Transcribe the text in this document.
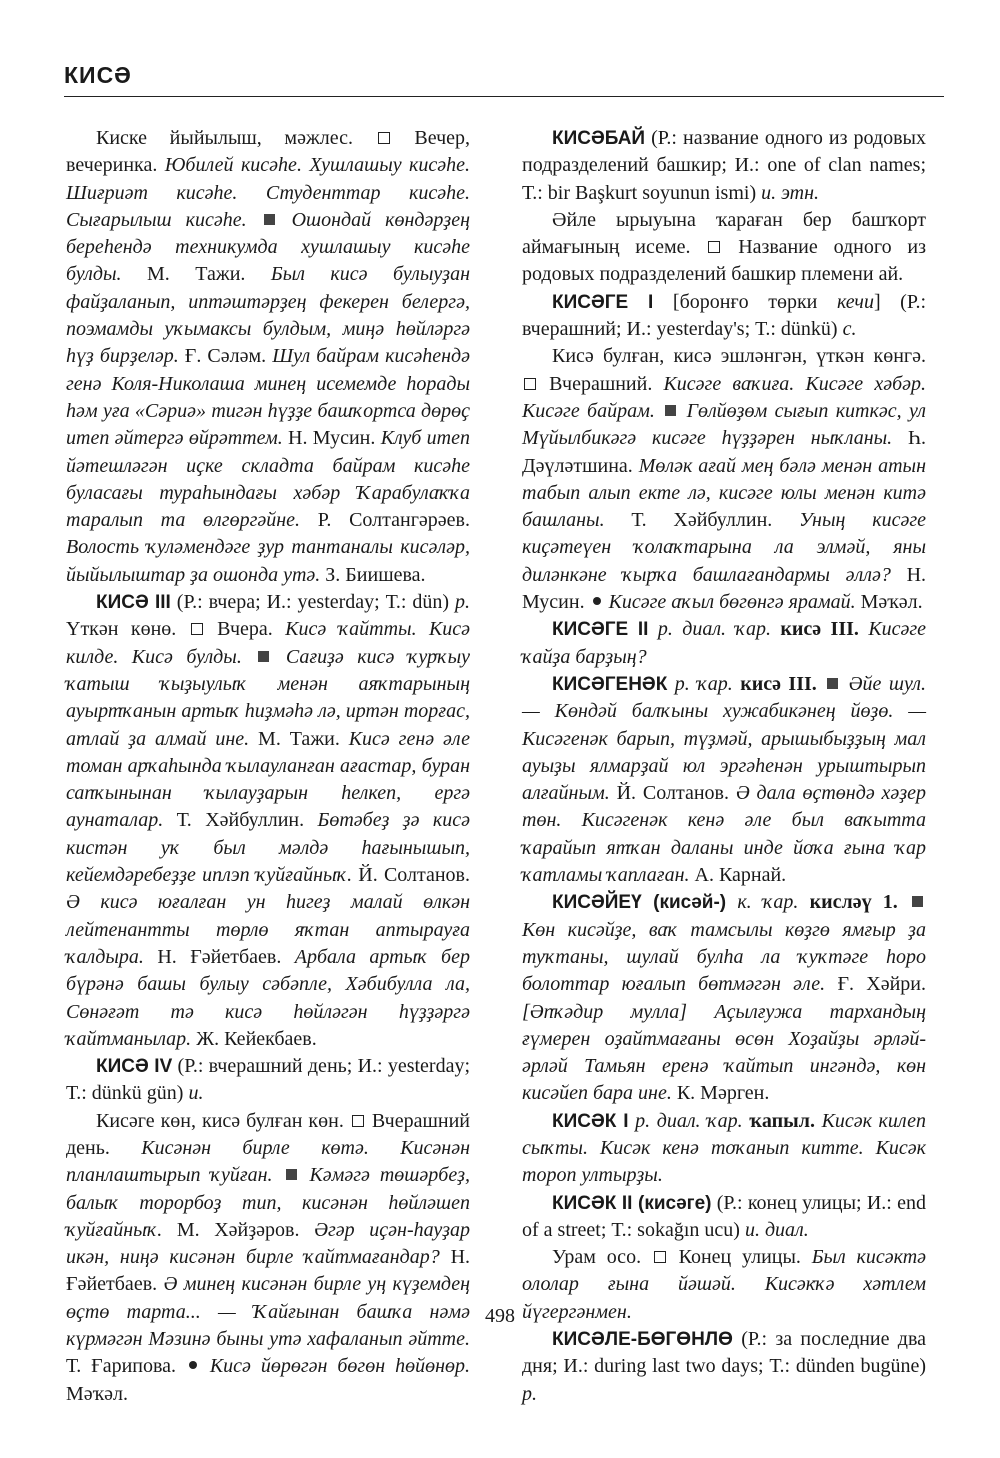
КИСӘ

Киске йыйылыш, мәжлес.	Вечер, вечеринка. Юбилей кисәһе. Хушлашыу кисәһе. Шиғриәт кисәһе. Студенттар кисәһе. Сығарылыш кисәһе. Ошондай көндәрҙең береһендә техникумда хушлашыу кисәһе булды. М. Тажи. Был кисә булыуҙан файҙаланып, иптәштәрҙең фекерен белергә, поэмамды уҡымаксы булдым, миңә һөйләргә һүҙ бирҙеләр. Ғ. Сәләм. Шул байрам кисәһендә генә Коля-Николаша минең исемемде һорады һәм уға «Сәриә» тигән һүҙҙе башҡортса дөрөҫ итеп әйтергә өйрәттем. Н. Мусин. Клуб итеп йәтешләгән иҫке складта байрам кисәһе буласағы тураһындағы хәбәр Ҡарабулаҡҡа таралып та өлгөргәйне. Р. Солтангәрәев. Волость ҡуләмендәге ҙур тантаналы кисәләр, йыйылыштар ҙа ошонда утә. З. Биишева.

КИСӘ III (Р.: вчера; И.: yesterday; Т.: dün) р. Үткән көнө. Вчера. Кисә ҡайтты. Кисә килде. Кисә булды. Сағиҙә кисә ҡурҡыу ҡатыш ҡыҙыулыҡ менән аяҡтарының ауыртҡанын артыҡ һиҙмәһә лә, иртән торғас, атлай ҙа алмай ине. М. Тажи. Кисә генә әле томан арҡаһында ҡылауланған ағастар, буран сапҡынынан ҡылауҙарын һелкеп, ергә аунаталар. Т. Хәйбуллин. Бөтәбеҙ ҙә кисә кистән уҡ был мәлдә һағынышып, кейемдәребеҙҙе иплэп ҡуйғайныҡ. Й. Солтанов. Ә кисә юғалған ун һигеҙ малай өлкән лейтенантты төрлө яҡтан аптырауға ҡалдыра. Н. Ғәйетбаев. Арбала артыҡ бер бүрәнә башы булыу сәбәпле, Хәбибулла ла, Сөнәғәт тә кисә һөйләгән һүҙҙәргә ҡайтманылар. Ж. Кейекбаев.

КИСӘ IV (Р.: вчерашний день; И.: yesterday; Т.: dünkü gün) и.

Кисәге көн, кисә булған көн. Вчерашний день. Кисәнән бирле көтә. Кисәнән планлаштырып ҡуйған. Кәмәгә төшәрбеҙ, балыҡ торорбоҙ тип, кисәнән һөйләшеп ҡуйғайныҡ. М. Хәйҙәров. Әгәр иҫән-һауҙар икән, ниңә кисәнән бирле ҡайтмағандар? Н. Ғәйетбаев. Ә минең кисәнән бирле уң күҙемдең өҫтө тарта... — Ҡайғынан башҡа нәмә күрмәгән Мәзинә быны утә хафаланып әйтте. Т. Ғарипова. Кисә йөрөгән бөгөн һөйөнөр. Мәҡәл.

КИСӘБАЙ (Р.: название одного из родовых подразделений башкир; И.: one of clan names; Т.: bir Başkurt soyunun ismi) и. этн.

Әйле ырыуына ҡараған бер башҡорт аймағының исеме. Название одного из родовых подразделений башкир племени ай.

КИСӘГЕ I [боронғо төрки кечи] (Р.: вчерашний; И.: yesterday's; Т.: dünkü) с.

Кисә булған, кисә эшләнгән, үткән көнгә.  Вчерашний. Кисәге ваҡиға. Кисәге хәбәр. Кисәге байрам. Гөлйөҙөм сығып киткәс, ул Мүйылбикәгә кисәге һүҙҙәрен ныҡланы. Һ. Дәүләтшина. Мөләк ағай мең бәлә менән атын табып алып екте лә, кисәге юлы менән китә башланы. Т. Хәйбуллин. Уның кисәге киҫәтеүен ҡолаҡтарына ла элмәй, яны диләнкәне ҡырҡа башлағандармы әллә? Н. Мусин. Кисәге аҡыл бөгөнгә ярамай. Мәҡәл.

КИСӘГЕ II р. диал. ҡар. кисә III. Кисәге ҡайҙа барҙың?

КИСӘГЕНӘК р. ҡар. кисә III. Әйе шул. — Көндәй балҡыны хужабикәнең йөҙө. — Кисәгенәк барып, түҙмәй, арышыбыҙҙың мал ауыҙы ялмарҙай юл эргәһенән урыштырып алғайным. Й. Солтанов. Ә дала өҫтөндә хәҙер төн. Кисәгенәк кенә әле был ваҡытта ҡарайып ятҡан даланы инде йоҡа ғына ҡар ҡатламы ҡаплаған. А. Карнай.

КИСӘЙЕҮ (кисәй-) к. ҡар. кисләү 1.  Көн кисәйҙе, ваҡ тамсылы көҙгө ямғыр ҙа туҡтаны, шулай булһа ла ҡуҡтәге һоро болоттар юғалып бөтмәгән әле. Ғ. Хәйри. [Әпҡәдир мулла] Аҫылғужа тархандың ғүмерен оҙайтмағаны өсөн Хоҙайҙы әрләй-әрләй Тамьян еренә ҡайтып ингәндә, көн кисәйеп бара ине. К. Мәрген.

КИСӘК I р. диал. ҡар. ҡапыл. Кисәк килеп сыҡты. Кисәк кенә тоҡанып китте. Кисәк тороп ултырҙы.

КИСӘК II (кисәге) (Р.: конец улицы; И.: end of a street; Т.: sokağın ucu) и. диал.

Урам осо. Конец улицы. Был кисәктә ололар ғына йәшәй. Кисәкҡә хәтлем йүгергәнмен.

КИСӘЛЕ-БӨГӨНЛӨ (Р.: за последние два дня; И.: during last two days; Т.: dünden bugüne) р.

498
